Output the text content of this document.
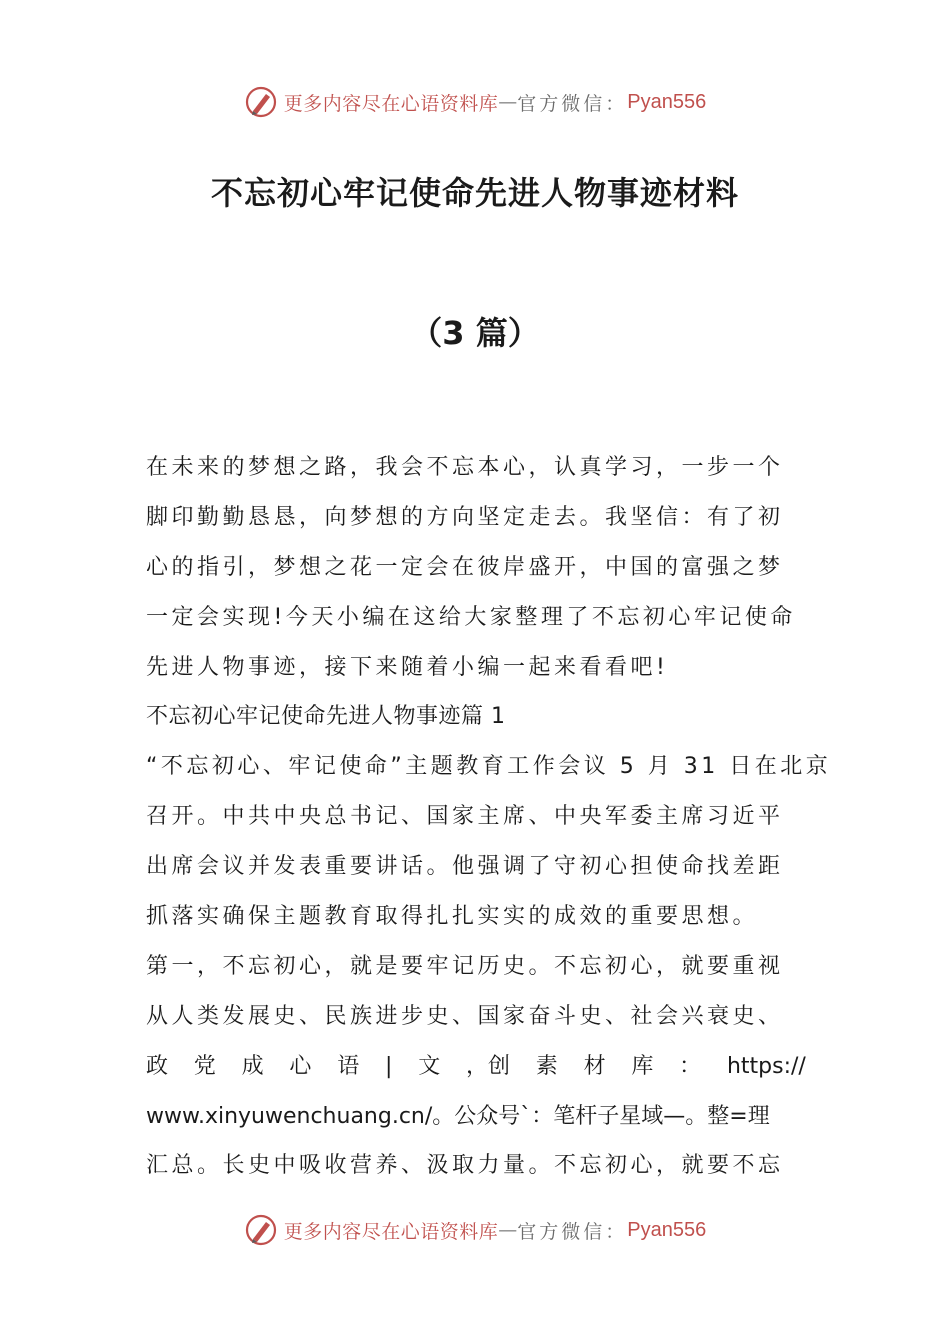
更多内容尽在心语资料库 — 官方微信： Pyan556
不忘初心牢记使命先进人物事迹材料
（3 篇）
在未来的梦想之路，我会不忘本心，认真学习，一步一个
脚印勤勤恳恳，向梦想的方向坚定走去。我坚信：有了初
心的指引，梦想之花一定会在彼岸盛开，中国的富强之梦
一定会实现!今天小编在这给大家整理了不忘初心牢记使命
先进人物事迹，接下来随着小编一起来看看吧!
不忘初心牢记使命先进人物事迹篇 1
“不忘初心、牢记使命”主题教育工作会议 5 月 31 日在北京
召开。中共中央总书记、国家主席、中央军委主席习近平
出席会议并发表重要讲话。他强调了守初心担使命找差距
抓落实确保主题教育取得扎扎实实的成效的重要思想。
第一，不忘初心，就是要牢记历史。不忘初心，就要重视
从人类发展史、民族进步史、国家奋斗史、社会兴衰史、
政 党 成 心 语 | 文 ，创 素 材 库 ： https://
www.xinyuwenchuang.cn/。公众号`：笔杆子星域—。整=理
汇总。长史中吸收营养、汲取力量。不忘初心，就要不忘
更多内容尽在心语资料库 — 官方微信： Pyan556
